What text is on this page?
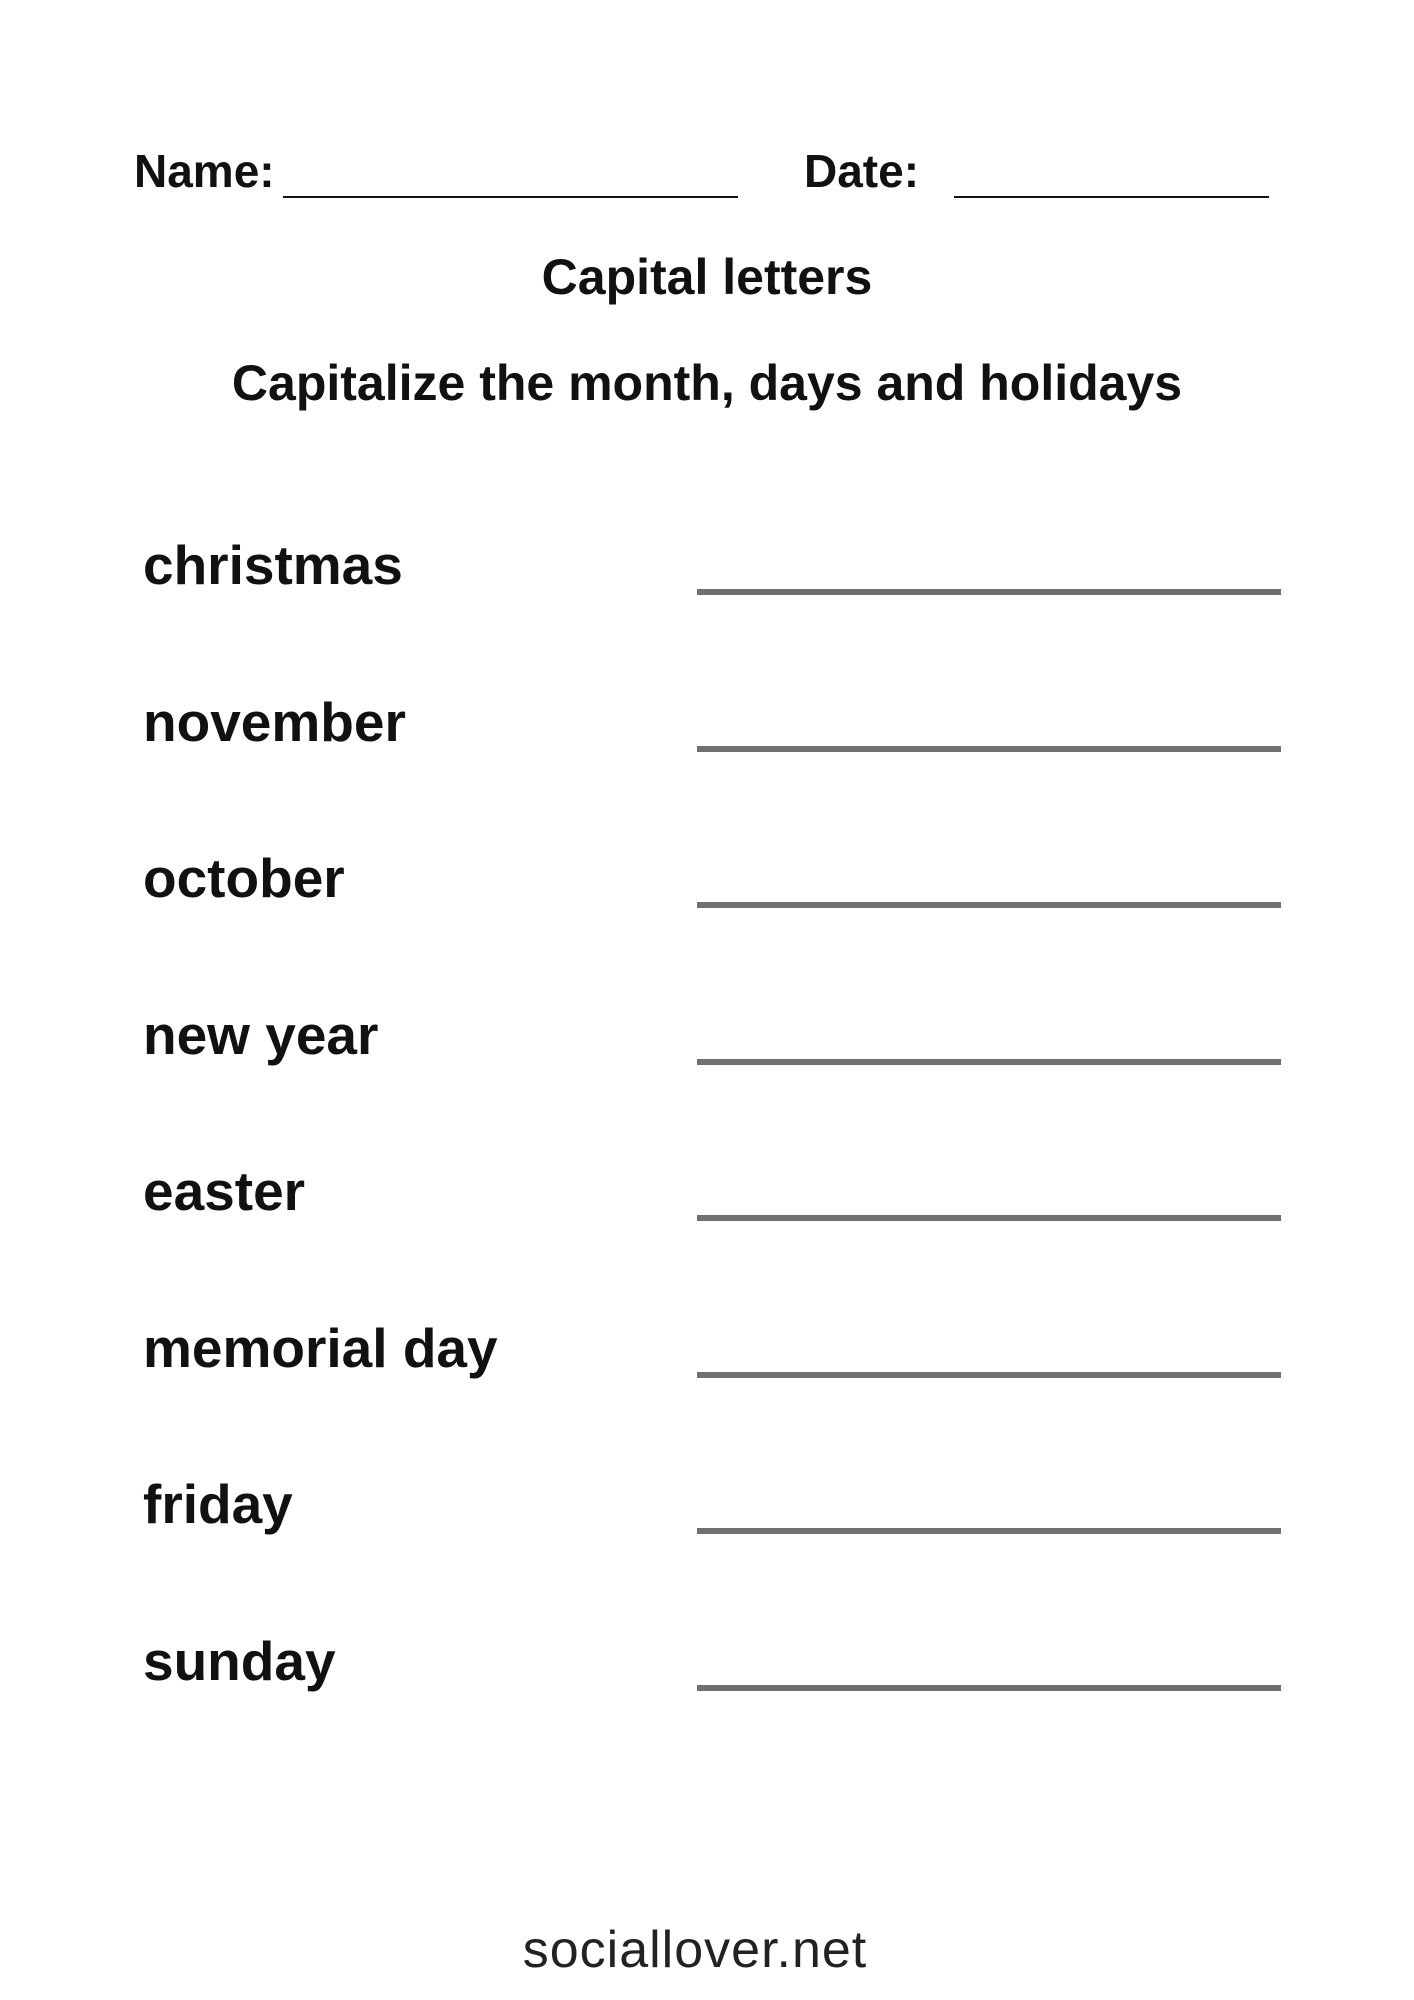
Name:	Date:
Capital letters
Capitalize the month, days and holidays
christmas
november
october
new year
easter
memorial day
friday
sunday
sociallover.net
